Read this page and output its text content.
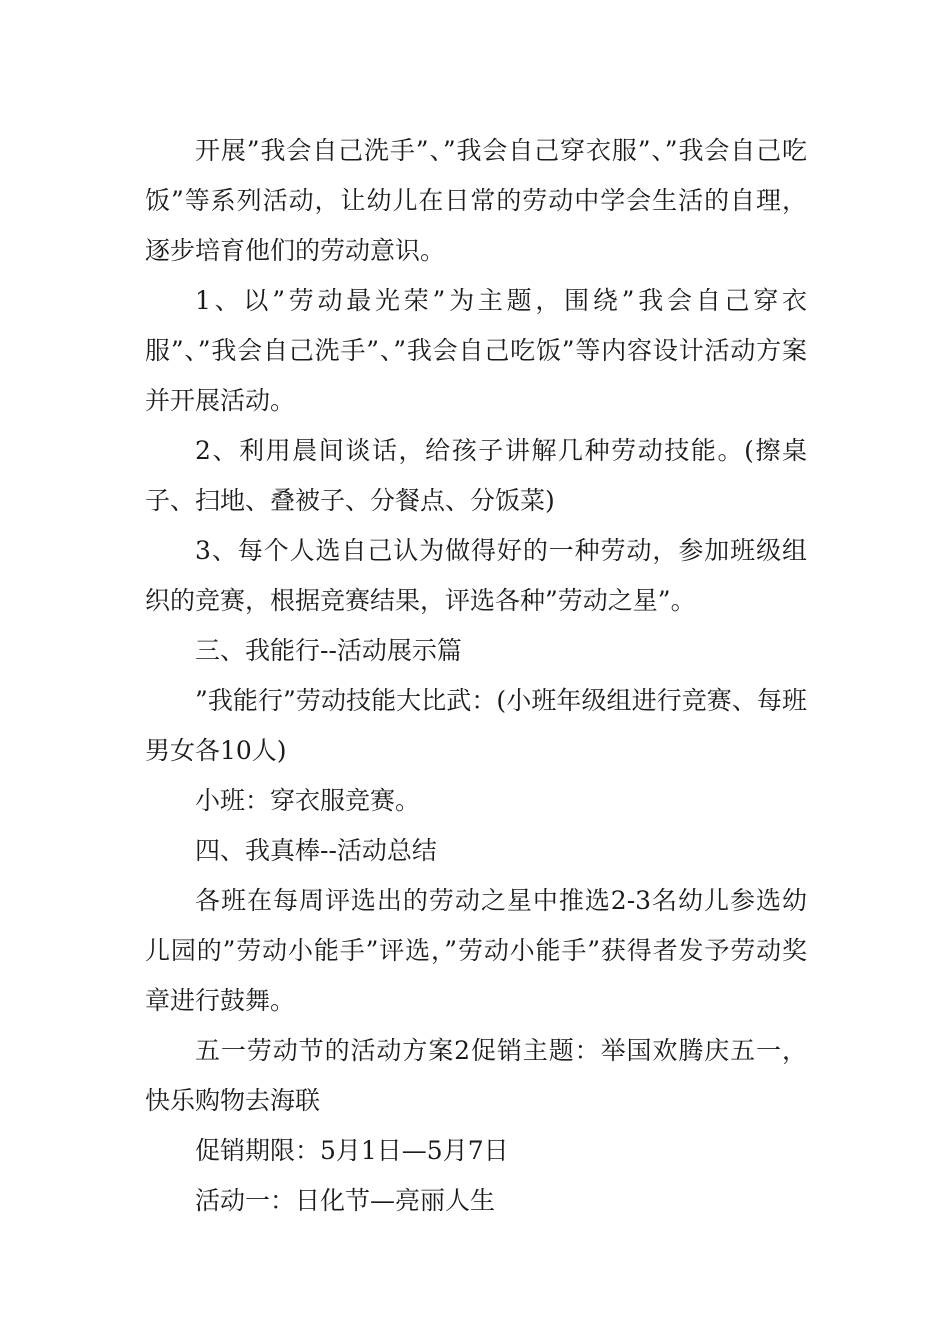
开展”我会自己洗手”、”我会自己穿衣服”、”我会自己吃饭”等系列活动，让幼儿在日常的劳动中学会生活的自理，逐步培育他们的劳动意识。

1、以”劳动最光荣”为主题，围绕”我会自己穿衣服”、”我会自己洗手”、”我会自己吃饭”等内容设计活动方案并开展活动。

2、利用晨间谈话，给孩子讲解几种劳动技能。(擦桌子、扫地、叠被子、分餐点、分饭菜)

3、每个人选自己认为做得好的一种劳动，参加班级组织的竞赛，根据竞赛结果，评选各种”劳动之星”。

三、我能行--活动展示篇

”我能行”劳动技能大比武：(小班年级组进行竞赛、每班男女各10人)

小班：穿衣服竞赛。

四、我真棒--活动总结

各班在每周评选出的劳动之星中推选2-3名幼儿参选幼儿园的”劳动小能手”评选，”劳动小能手”获得者发予劳动奖章进行鼓舞。

五一劳动节的活动方案2促销主题：举国欢腾庆五一，快乐购物去海联

促销期限：5月1日—5月7日

活动一：日化节—亮丽人生
